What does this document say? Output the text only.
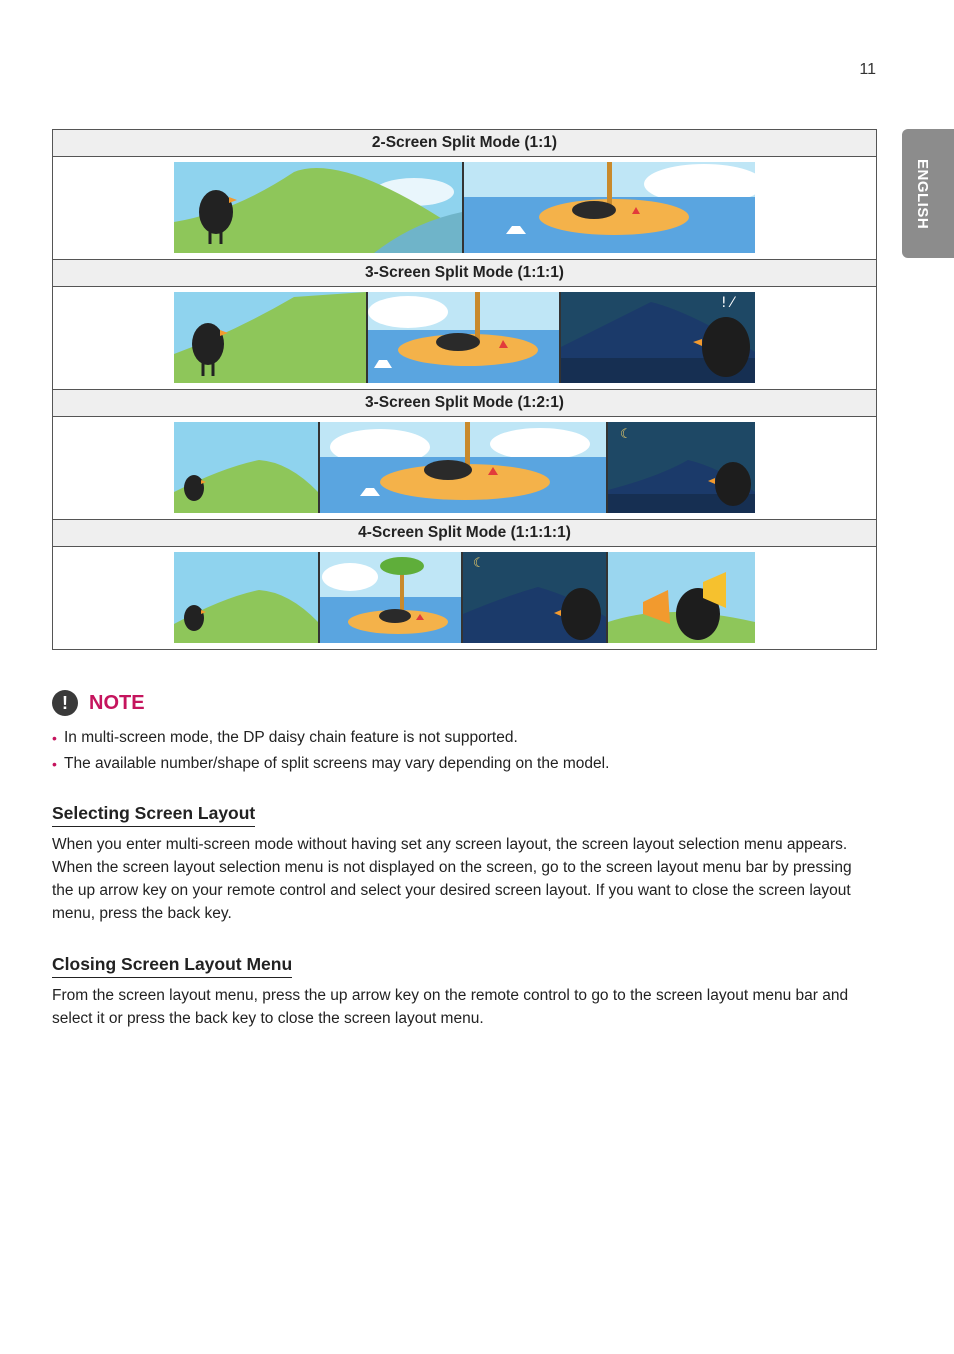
11
ENGLISH
2-Screen Split Mode (1:1)
3-Screen Split Mode (1:1:1)
! ⁄
3-Screen Split Mode (1:2:1)
☾
4-Screen Split Mode (1:1:1:1)
☾
!	NOTE
• In multi-screen mode, the DP daisy chain feature is not supported.
• The available number/shape of split screens may vary depending on the model.
Selecting Screen Layout

When you enter multi-screen mode without having set any screen layout, the screen layout selection menu appears. When the screen layout selection menu is not displayed on the screen, go to the screen layout menu bar by pressing the up arrow key on your remote control and select your desired screen layout. If you want to close the screen layout menu, press the back key.

Closing Screen Layout Menu

From the screen layout menu, press the up arrow key on the remote control to go to the screen layout menu bar and select it or press the back key to close the screen layout menu.
